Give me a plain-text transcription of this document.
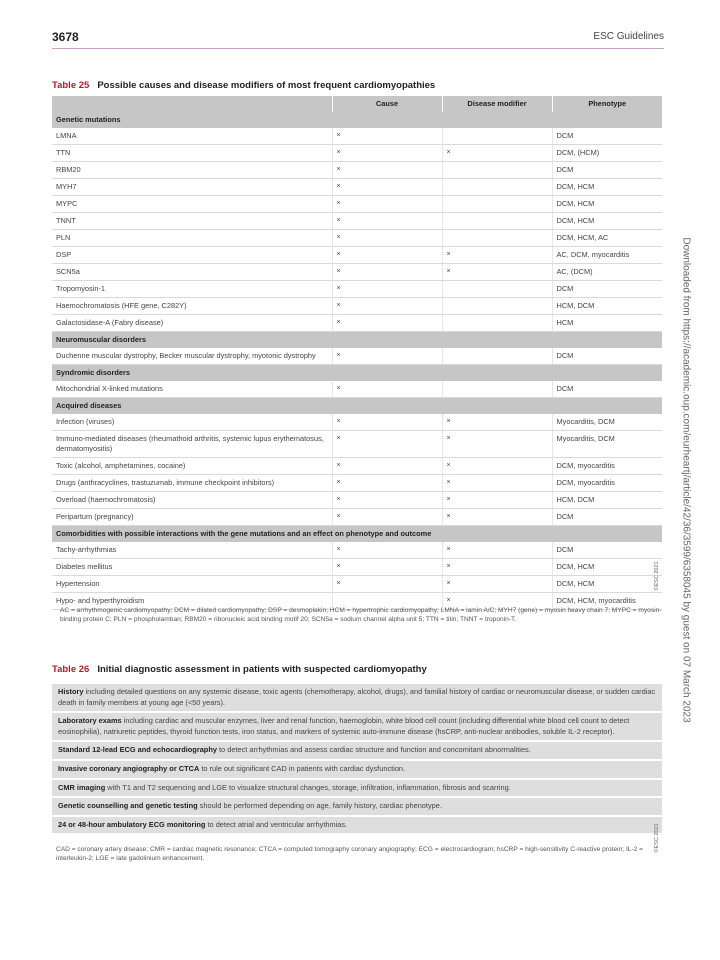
3678	ESC Guidelines
Table 25 Possible causes and disease modifiers of most frequent cardiomyopathies
	Cause	Disease modifier	Phenotype
Genetic mutations			
LMNA	×		DCM
TTN	×	×	DCM, (HCM)
RBM20	×		DCM
MYH7	×		DCM, HCM
MYPC	×		DCM, HCM
TNNT	×		DCM, HCM
PLN	×		DCM, HCM, AC
DSP	×	×	AC, DCM, myocarditis
SCN5a	×	×	AC, (DCM)
Tropomyosin-1	×		DCM
Haemochromatosis (HFE gene, C282Y)	×		HCM, DCM
Galactosidase-A (Fabry disease)	×		HCM
Neuromuscular disorders			
Duchenne muscular dystrophy, Becker muscular dystrophy, myotonic dystrophy	×		DCM
Syndromic disorders			
Mitochondrial X-linked mutations	×		DCM
Acquired diseases			
Infection (viruses)	×	×	Myocarditis, DCM
Immuno-mediated diseases (rheumathoid arthritis, systemic lupus erythematosus, dermatomyositis)	×	×	Myocarditis, DCM
Toxic (alcohol, amphetamines, cocaine)	×	×	DCM, myocarditis
Drugs (anthracyclines, trastuzumab, immune checkpoint inhibitors)	×	×	DCM, myocarditis
Overload (haemochromatosis)	×	×	HCM, DCM
Peripartum (pregnancy)	×	×	DCM
Comorbidities with possible interactions with the gene mutations and an effect on phenotype and outcome			
Tachy-arrhythmias	×	×	DCM
Diabetes mellitus	×	×	DCM, HCM
Hypertension	×	×	DCM, HCM
Hypo- and hyperthyroidism		×	DCM, HCM, myocarditis
AC = arrhythmogenic cardiomyopathy; DCM = dilated cardiomyopathy; DSP = desmoplakin; HCM = hypertrophic cardiomyopathy; LMNA = lamin A/C; MYH7 (gene) = myosin heavy chain 7; MYPC = myosin-binding protein C; PLN = phospholamban; RBM20 = ribonucleic acid binding motif 20; SCN5a = sodium channel alpha unit 5; TTN = titin; TNNT = troponin-T.
©ESC 2021
Table 26 Initial diagnostic assessment in patients with suspected cardiomyopathy
History including detailed questions on any systemic disease, toxic agents (chemotherapy, alcohol, drugs), and familial history of cardiac or neuromuscular disease, or sudden cardiac death in family members at young age (<50 years).
Laboratory exams including cardiac and muscular enzymes, liver and renal function, haemoglobin, white blood cell count (including differential white blood cell count to detect eosinophilia), natriuretic peptides, thyroid function tests, iron status, and markers of systemic auto-immune disease (hsCRP, anti-nuclear antibodies, soluble IL-2 receptor).
Standard 12-lead ECG and echocardiography to detect arrhythmias and assess cardiac structure and function and concomitant abnormalities.
Invasive coronary angiography or CTCA to rule out significant CAD in patients with cardiac dysfunction.
CMR imaging with T1 and T2 sequencing and LGE to visualize structural changes, storage, infiltration, inflammation, fibrosis and scarring.
Genetic counselling and genetic testing should be performed depending on age, family history, cardiac phenotype.
24 or 48-hour ambulatory ECG monitoring to detect atrial and ventricular arrhythmias.
CAD = coronary artery disease; CMR = cardiac magnetic resonance; CTCA = computed tomography coronary angiography; ECG = electrocardiogram; hsCRP = high-sensitivity C-reactive protein; IL-2 = interleukin-2; LGE = late gadolinium enhancement.
©ESC 2021
Downloaded from https://academic.oup.com/eurheartj/article/42/36/3599/6358045 by guest on 07 March 2023
